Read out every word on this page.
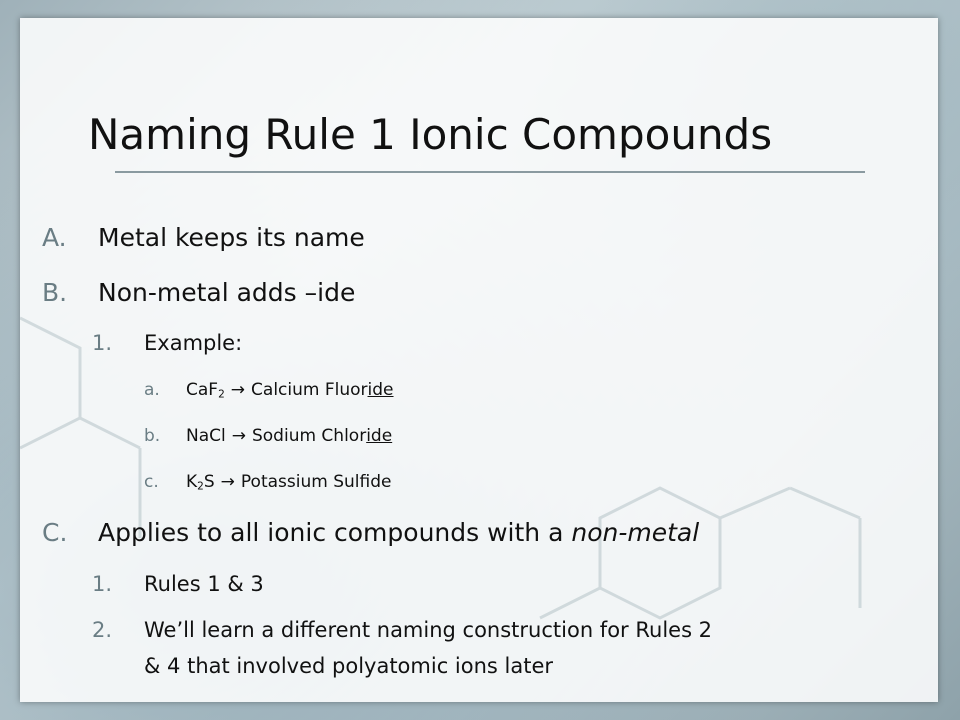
Naming Rule 1 Ionic Compounds
A. Metal keeps its name
B. Non-metal adds –ide
1. Example:
a. CaF$_2$ → Calcium Fluoride
b. NaCl → Sodium Chloride
c. $K_2S$ → Potassium Sulfide
C. Applies to all ionic compounds with a non-metal
1. Rules 1 & 3
2. We’ll learn a different naming construction for Rules 2
& 4 that involved polyatomic ions later
